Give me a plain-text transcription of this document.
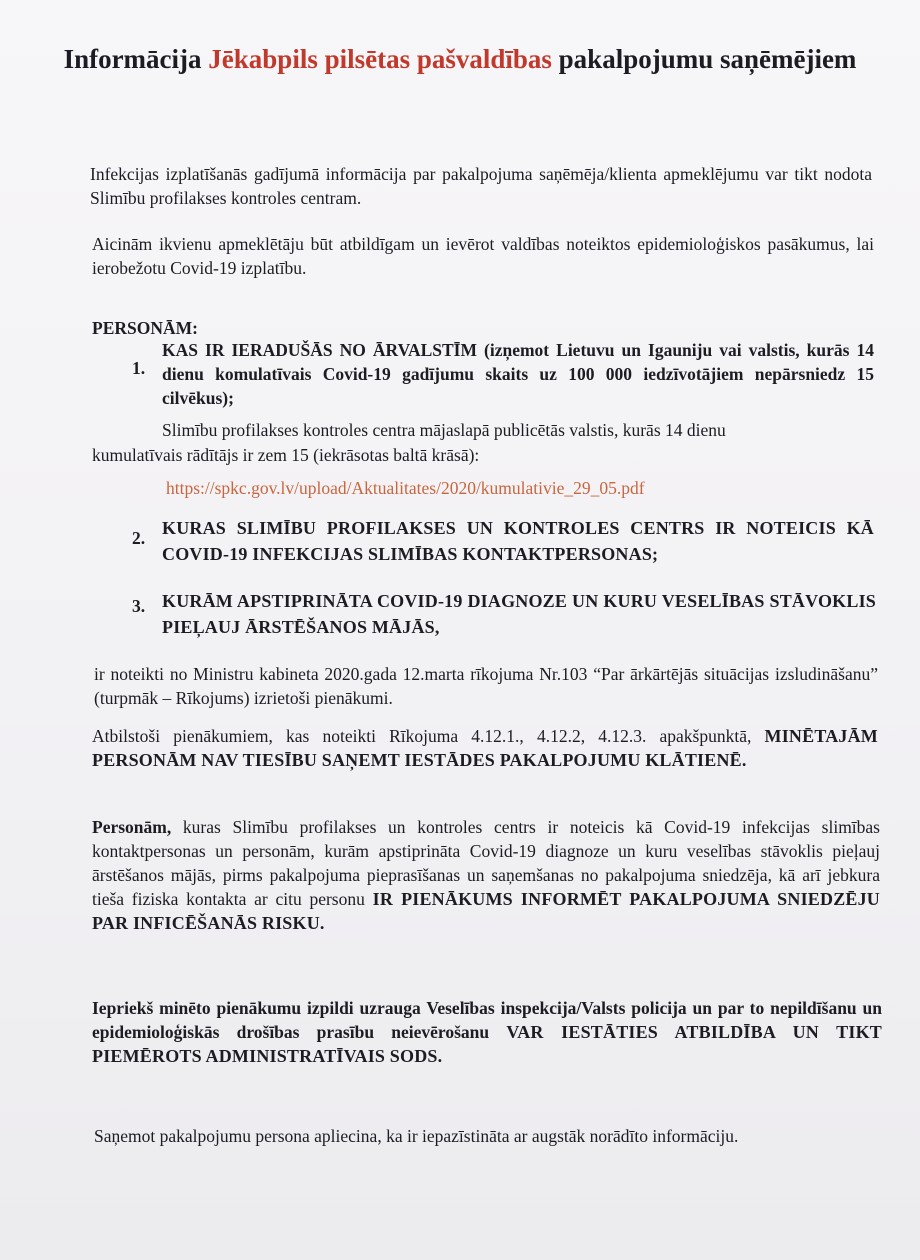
Informācija Jēkabpils pilsētas pašvaldības pakalpojumu saņēmējiem
Infekcijas izplatīšanās gadījumā informācija par pakalpojuma saņēmēja/klienta apmeklējumu var tikt nodota Slimību profilakses kontroles centram.
Aicinām ikvienu apmeklētāju būt atbildīgam un ievērot valdības noteiktos epidemioloģiskos pasākumus, lai ierobežotu Covid-19 izplatību.
PERSONĀM:
1.
KAS IR IERADUŠĀS NO ĀRVALSTĪM (izņemot Lietuvu un Igauniju vai valstis, kurās 14 dienu komulatīvais Covid-19 gadījumu skaits uz 100 000 iedzīvotājiem nepārsniedz 15 cilvēkus);
Slimību profilakses kontroles centra mājaslapā publicētās valstis, kurās 14 dienu
kumulatīvais rādītājs ir zem 15 (iekrāsotas baltā krāsā):
https://spkc.gov.lv/upload/Aktualitates/2020/kumulativie_29_05.pdf
2. KURAS SLIMĪBU PROFILAKSES UN KONTROLES CENTRS IR NOTEICIS KĀ COVID-19 INFEKCIJAS SLIMĪBAS KONTAKTPERSONAS;
3. KURĀM APSTIPRINĀTA COVID-19 DIAGNOZE UN KURU VESELĪBAS STĀVOKLIS PIEĻAUJ ĀRSTĒŠANOS MĀJĀS,
ir noteikti no Ministru kabineta 2020.gada 12.marta rīkojuma Nr.103 “Par ārkārtējās situācijas izsludināšanu” (turpmāk – Rīkojums) izrietoši pienākumi.
Atbilstoši pienākumiem, kas noteikti Rīkojuma 4.12.1., 4.12.2, 4.12.3. apakšpunktā, MINĒTAJĀM PERSONĀM NAV TIESĪBU SAŅEMT IESTĀDES PAKALPOJUMU KLĀTIENĒ.
Personām, kuras Slimību profilakses un kontroles centrs ir noteicis kā Covid-19 infekcijas slimības kontaktpersonas un personām, kurām apstiprināta Covid-19 diagnoze un kuru veselības stāvoklis pieļauj ārstēšanos mājās, pirms pakalpojuma pieprasīšanas un saņemšanas no pakalpojuma sniedzēja, kā arī jebkura tieša fiziska kontakta ar citu personu IR PIENĀKUMS INFORMĒT PAKALPOJUMA SNIEDZĒJU PAR INFICĒŠANĀS RISKU.
Iepriekš minēto pienākumu izpildi uzrauga Veselības inspekcija/Valsts policija un par to nepildīšanu un epidemioloģiskās drošības prasību neievērošanu VAR IESTĀTIES ATBILDĪBA UN TIKT PIEMĒROTS ADMINISTRATĪVAIS SODS.
Saņemot pakalpojumu persona apliecina, ka ir iepazīstināta ar augstāk norādīto informāciju.
